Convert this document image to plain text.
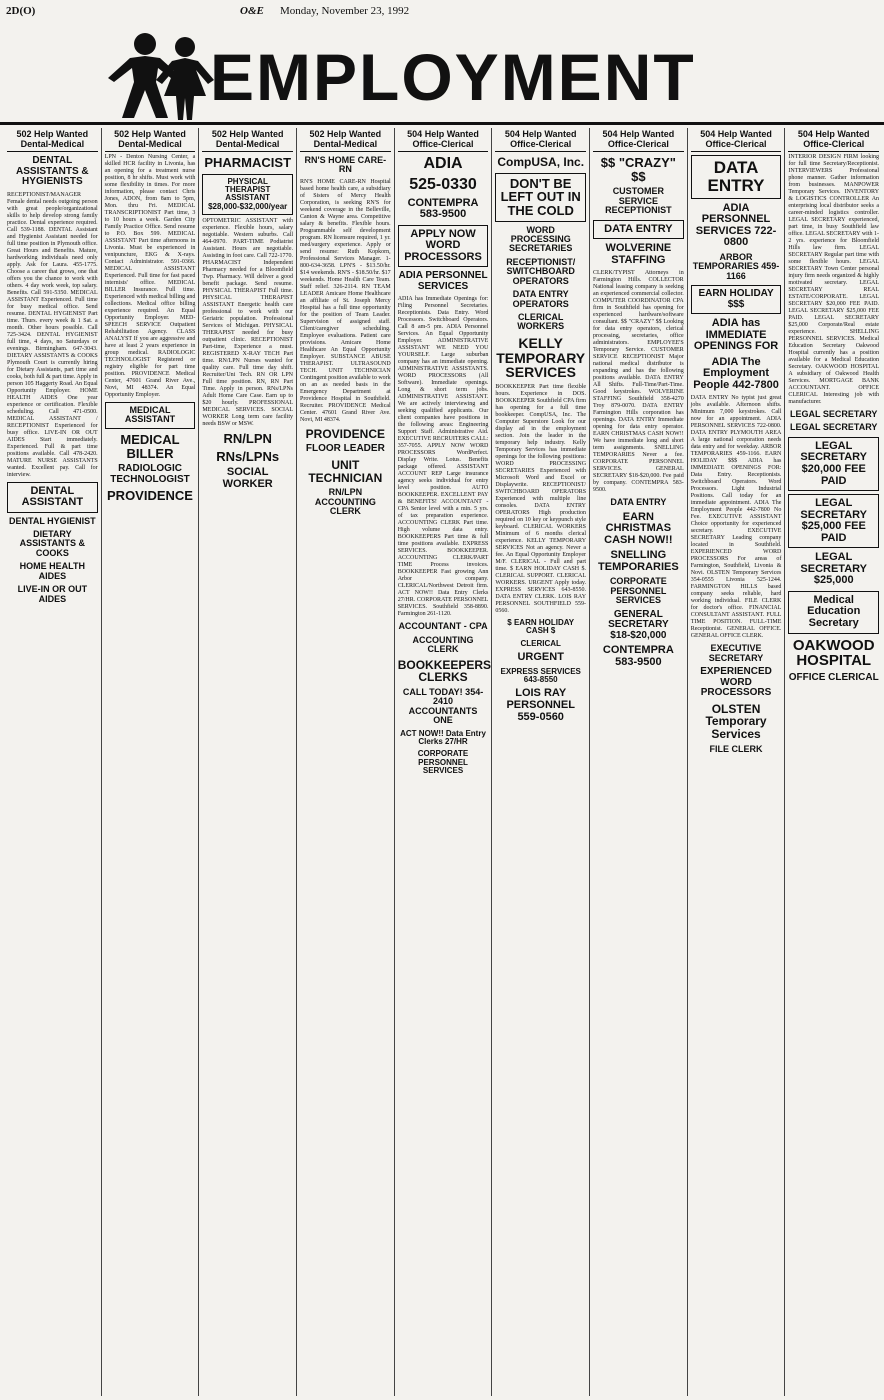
2D(O)	O&E Monday, November 23, 1992
EMPLOYMENT
502 Help Wanted Dental-Medical
DENTAL ASSISTANTS & HYGIENISTS
RECEPTIONIST/MANAGER Female dental needs outgoing person with great people/organizational skills to help develop strong family practice. Dental experience required. Call 539-1188. DENTAL Assistant and Hygienist Assistant needed for full time position in Plymouth office. Great Hours and Benefits. Mature, hardworking individuals need only apply. Ask for Laura. 455-1775. Choose a career that grows, one that offers you the chance to work with others. 4 day work week, top salary. Benefits. Call 591-5350. MEDICAL ASSISTANT Experienced. Full time for busy medical office. Send resume. DENTAL HYGIENIST Part time. Thurs. every week & 1 Sat. a month. Other hours possible. Call 725-3424. DENTAL HYGIENIST full time, 4 days, no Saturdays or evenings. Birmingham. 647-3043. DIETARY ASSISTANTS & COOKS Plymouth Court is currently hiring for Dietary Assistants, part time and cooks, both full & part time. Apply in person 105 Haggerty Road. An Equal Opportunity Employer. HOME HEALTH AIDES One year experience or certification. Flexible scheduling. Call 471-0500. MEDICAL ASSISTANT / RECEPTIONIST Experienced for busy office. LIVE-IN OR OUT AIDES Start immediately. Experienced. Full & part time positions available. Call 478-2420. MATURE NURSE ASSISTANTS wanted. Excellent pay. Call for interview.
DENTAL ASSISTANT
DENTAL HYGIENIST
DIETARY ASSISTANTS & COOKS
HOME HEALTH AIDES
LIVE-IN OR OUT AIDES
502 Help Wanted Dental-Medical
LPN - Denton Nursing Center, a skilled HCR facility in Livonia, has an opening for a treatment nurse position, 8 hr shifts. Must work with some flexibility in times. For more information, please contact Chris Jones, ADON, from 8am to 5pm, Mon. thru Fri. MEDICAL TRANSCRIPTIONIST Part time, 3 to 10 hours a week. Garden City Family Practice Office. Send resume to P.O. Box 599. MEDICAL ASSISTANT Part time afternoons in Livonia. Must be experienced in venipuncture, EKG & X-rays. Contact Administrator. 591-0366. MEDICAL ASSISTANT Experienced. Full time for fast paced internists' office. MEDICAL BILLER Insurance. Full time. Experienced with medical billing and collections. Medical office billing experience required. An Equal Opportunity Employer. MED-SPEECH SERVICE Outpatient Rehabilitation Agency. CLASS ANALYST If you are aggressive and have at least 2 years experience in group medical. RADIOLOGIC TECHNOLOGIST Registered or registry eligible for part time position. PROVIDENCE Medical Center, 47601 Grand River Ave., Novi, MI 48374. An Equal Opportunity Employer.
MEDICAL ASSISTANT
MEDICAL BILLER
RADIOLOGIC TECHNOLOGIST
PROVIDENCE
502 Help Wanted Dental-Medical
PHARMACIST
PHYSICAL THERAPIST ASSISTANT $28,000-$32,000/year
OPTOMETRIC ASSISTANT with experience. Flexible hours, salary negotiable. Western suburbs. Call 464-0970. PART-TIME Podiatrist Assistant. Hours are negotiable. Assisting in foot care. Call 722-1770. PHARMACIST Independent Pharmacy needed for a Bloomfield Twp. Pharmacy. Will deliver a good benefit package. Send resume. PHYSICAL THERAPIST Full time. PHYSICAL THERAPIST ASSISTANT Energetic health care professional to work with our Geriatric population. Professional Services of Michigan. PHYSICAL THERAPIST needed for busy outpatient clinic. RECEPTIONIST Part-time, Experience a must. REGISTERED X-RAY TECH Part time. RN/LPN Nurses wanted for quality care. Full time day shift. Recruiter/Uni Tech. RN OR LPN Full time position. RN, RN Part Time. Apply in person. RNs/LPNs Adult Home Care Case. Earn up to $20 hourly. PROFESSIONAL MEDICAL SERVICES. SOCIAL WORKER Long term care facility needs BSW or MSW.
RN/LPN
RNs/LPNs
SOCIAL WORKER
502 Help Wanted Dental-Medical
RN'S HOME CARE-RN
RN'S HOME CARE-RN Hospital based home health care, a subsidiary of Sisters of Mercy Health Corporation, is seeking RN'S for weekend coverage in the Belleville, Canton & Wayne area. Competitive salary & benefits. Flexible hours. Programmable self development program. RN licensure required, 1 yr. med/surgery experience. Apply or send resume: Ruth Kopkorn, Professional Services Manager. 1-800-634-3658. LPN'S - $13.50/hr. $14 weekends. RN'S - $18.50/hr. $17 weekends. Home Health Care Team. Staff relief. 326-2114. RN TEAM LEADER Amicare Home Healthcare an affiliate of St. Joseph Mercy Hospital has a full time opportunity for the position of Team Leader. Supervision of assigned staff. Client/caregiver scheduling. Employee evaluations. Patient care provisions. Amicare Home Healthcare An Equal Opportunity Employer. SUBSTANCE ABUSE THERAPIST. ULTRASOUND TECH. UNIT TECHNICIAN Contingent position available to work on an as needed basis in the Emergency Department at Providence Hospital in Southfield. Recruiter. PROVIDENCE Medical Center. 47601 Grand River Ave. Novi, MI 48374.
PROVIDENCE
FLOOR LEADER
UNIT TECHNICIAN
RN/LPN ACCOUNTING CLERK
504 Help Wanted Office-Clerical
ADIA
525-0330
CONTEMPRA 583-9500
APPLY NOW WORD PROCESSORS
ADIA PERSONNEL SERVICES
ADIA has Immediate Openings for: Filing Personnel Secretaries. Receptionists. Data Entry. Word Processors. Switchboard Operators. Call 8 am-5 pm. ADIA Personnel Services. An Equal Opportunity Employer. ADMINISTRATIVE ASSISTANT WE NEED YOU YOURSELF. Large suburban company has an immediate opening. ADMINISTRATIVE ASSISTANTS. WORD PROCESSORS (All Software). Immediate openings. Long & short term jobs. ADMINISTRATIVE ASSISTANT. We are actively interviewing and seeking qualified applicants. Our client companies have positions in the following areas: Engineering Support Staff. Administrative Aid. EXECUTIVE RECRUITERS CALL: 357-7055. APPLY NOW WORD PROCESSORS WordPerfect. Display Write. Lotus. Benefits package offered. ASSISTANT ACCOUNT REP Large insurance agency seeks individual for entry level position. AUTO BOOKKEEPER. EXCELLENT PAY & BENEFITS! ACCOUNTANT - CPA Senior level with a min. 5 yrs. of tax preparation experience. ACCOUNTING CLERK Part time. High volume data entry. BOOKKEEPERS Part time & full time positions available. EXPRESS SERVICES. BOOKKEEPER. ACCOUNTING CLERK/PART TIME Process invoices. BOOKKEEPER Fast growing Ann Arbor company. CLERICAL/Northwest Detroit firm. ACT NOW!! Data Entry Clerks 27/HR. CORPORATE PERSONNEL SERVICES. Southfield 358-8890. Farmington 261-1120.
ACCOUNTANT - CPA
ACCOUNTING CLERK
BOOKKEEPERS CLERKS
CALL TODAY! 354-2410 ACCOUNTANTS ONE
ACT NOW!! Data Entry Clerks 27/HR
CORPORATE PERSONNEL SERVICES
504 Help Wanted Office-Clerical
CompUSA, Inc.
DON'T BE LEFT OUT IN THE COLD
WORD PROCESSING SECRETARIES
RECEPTIONIST/ SWITCHBOARD OPERATORS
DATA ENTRY OPERATORS
CLERICAL WORKERS
KELLY TEMPORARY SERVICES
BOOKKEEPER Part time flexible hours. Experience in DOS. BOOKKEEPER Southfield CPA firm has opening for a full time bookkeeper. CompUSA, Inc. The Computer Superstore Look for our display ad in the employment section. Join the leader in the temporary help industry. Kelly Temporary Services has immediate openings for the following positions: WORD PROCESSING SECRETARIES Experienced with Microsoft Word and Excel or Displaywrite. RECEPTIONIST/ SWITCHBOARD OPERATORS Experienced with multiple line consoles. DATA ENTRY OPERATORS High production required on 10 key or keypunch style keyboard. CLERICAL WORKERS Minimum of 6 months clerical experience. KELLY TEMPORARY SERVICES Not an agency. Never a fee. An Equal Opportunity Employer M/F. CLERICAL - Full and part time. $ EARN HOLIDAY CASH $. CLERICAL SUPPORT. CLERICAL WORKERS. URGENT Apply today. EXPRESS SERVICES 643-8550. DATA ENTRY CLERK. LOIS RAY PERSONNEL SOUTHFIELD 559-0560.
$ EARN HOLIDAY CASH $
CLERICAL
URGENT
EXPRESS SERVICES 643-8550
LOIS RAY PERSONNEL 559-0560
504 Help Wanted Office-Clerical
$$ "CRAZY" $$
CUSTOMER SERVICE RECEPTIONIST
DATA ENTRY
WOLVERINE STAFFING
CLERK/TYPIST Attorneys in Farmington Hills. COLLECTOR National leasing company is seeking an experienced commercial collector. COMPUTER COORDINATOR CPA firm in Southfield has opening for experienced hardware/software consultant. $$ "CRAZY" $$ Looking for data entry operators, clerical processing, secretaries, office administrators. EMPLOYEE'S Temporary Service. CUSTOMER SERVICE RECEPTIONIST Major national medical distributor is expanding and has the following positions available. DATA ENTRY All Shifts. Full-Time/Part-Time. Good keystrokes. WOLVERINE STAFFING Southfield 358-4270 Troy 879-0070. DATA ENTRY Farmington Hills corporation has openings. DATA ENTRY Immediate opening for data entry operator. EARN CHRISTMAS CASH NOW!! We have immediate long and short term assignments. SNELLING TEMPORARIES Never a fee. CORPORATE PERSONNEL SERVICES. GENERAL SECRETARY $18-$20,000. Fee paid by company. CONTEMPRA 583-9500.
DATA ENTRY
EARN CHRISTMAS CASH NOW!!
SNELLING TEMPORARIES
CORPORATE PERSONNEL SERVICES
GENERAL SECRETARY $18-$20,000
CONTEMPRA 583-9500
504 Help Wanted Office-Clerical
DATA ENTRY
ADIA PERSONNEL SERVICES 722-0800
ARBOR TEMPORARIES 459-1166
EARN HOLIDAY $$$
ADIA has IMMEDIATE OPENINGS FOR
ADIA The Employment People 442-7800
DATA ENTRY No typist just great jobs available. Afternoon shifts. Minimum 7,000 keystrokes. Call now for an appointment. ADIA PERSONNEL SERVICES 722-0800. DATA ENTRY PLYMOUTH AREA A large national corporation needs data entry and for weekday. ARBOR TEMPORARIES 459-1166. EARN HOLIDAY $$$ ADIA has IMMEDIATE OPENINGS FOR: Data Entry. Receptionists. Switchboard Operators. Word Processors. Light Industrial Positions. Call today for an immediate appointment. ADIA The Employment People 442-7800 No Fee. EXECUTIVE ASSISTANT Choice opportunity for experienced secretary. EXECUTIVE SECRETARY Leading company located in Southfield. EXPERIENCED WORD PROCESSORS For areas of Farmington, Southfield, Livonia & Novi. OLSTEN Temporary Services 354-0555 Livonia 525-1244. FARMINGTON HILLS based company seeks reliable, hard working individual. FILE CLERK for doctor's office. FINANCIAL CONSULTANT ASSISTANT. FULL TIME POSITION. FULL-TIME Receptionist. GENERAL OFFICE. GENERAL OFFICE CLERK.
EXECUTIVE SECRETARY
EXPERIENCED WORD PROCESSORS
OLSTEN Temporary Services
FILE CLERK
504 Help Wanted Office-Clerical
INTERIOR DESIGN FIRM looking for full time Secretary/Receptionist. INTERVIEWERS Professional phone manner. Gather information from businesses. MANPOWER Temporary Services. INVENTORY & LOGISTICS CONTROLLER An enterprising local distributor seeks a career-minded logistics controller. LEGAL SECRETARY experienced, part time, in busy Southfield law office. LEGAL SECRETARY with 1-2 yrs. experience for Bloomfield Hills law firm. LEGAL SECRETARY Regular part time with some flexible hours. LEGAL SECRETARY Town Center personal injury firm needs organized & highly motivated secretary. LEGAL SECRETARY REAL ESTATE/CORPORATE. LEGAL SECRETARY $20,000 FEE PAID. LEGAL SECRETARY $25,000 FEE PAID. LEGAL SECRETARY $25,000 Corporate/Real estate experience. SHELLING PERSONNEL SERVICES. Medical Education Secretary Oakwood Hospital currently has a position available for a Medical Education Secretary. OAKWOOD HOSPITAL A subsidiary of Oakwood Health Services. MORTGAGE BANK ACCOUNTANT. OFFICE CLERICAL Interesting job with manufacturer.
LEGAL SECRETARY
LEGAL SECRETARY
LEGAL SECRETARY $20,000 FEE PAID
LEGAL SECRETARY $25,000 FEE PAID
LEGAL SECRETARY $25,000
Medical Education Secretary
OAKWOOD HOSPITAL
OFFICE CLERICAL
